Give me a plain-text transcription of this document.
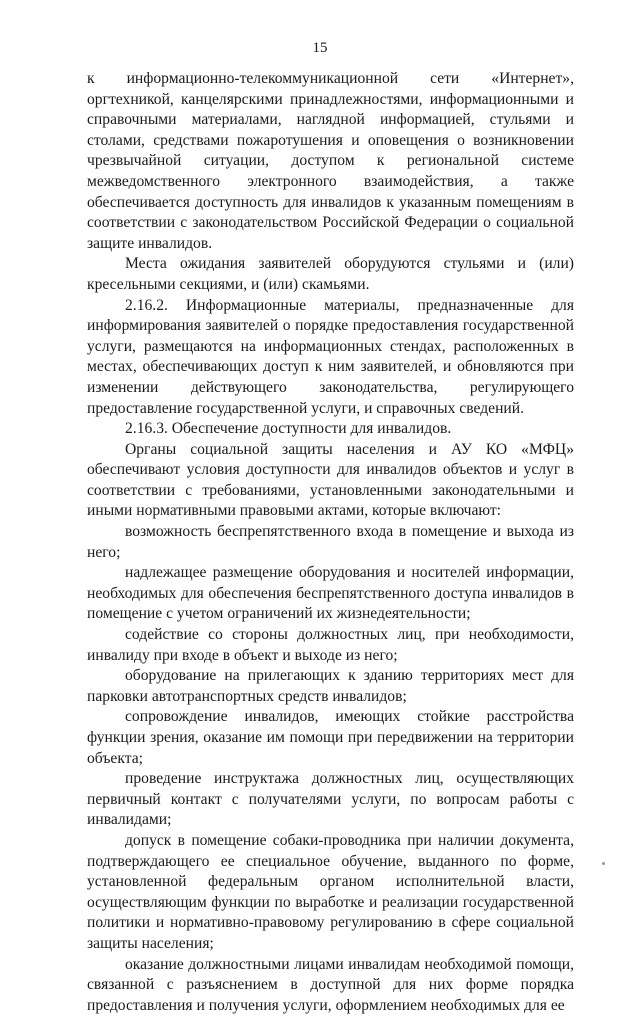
15

к информационно-телекоммуникационной сети «Интернет», оргтехникой, канцелярскими принадлежностями, информационными и справочными материалами, наглядной информацией, стульями и столами, средствами пожаротушения и оповещения о возникновении чрезвычайной ситуации, доступом к региональной системе межведомственного электронного взаимодействия, а также обеспечивается доступность для инвалидов к указанным помещениям в соответствии с законодательством Российской Федерации о социальной защите инвалидов.

Места ожидания заявителей оборудуются стульями и (или) кресельными секциями, и (или) скамьями.

2.16.2. Информационные материалы, предназначенные для информирования заявителей о порядке предоставления государственной услуги, размещаются на информационных стендах, расположенных в местах, обеспечивающих доступ к ним заявителей, и обновляются при изменении действующего законодательства, регулирующего предоставление государственной услуги, и справочных сведений.

2.16.3. Обеспечение доступности для инвалидов.

Органы социальной защиты населения и АУ КО «МФЦ» обеспечивают условия доступности для инвалидов объектов и услуг в соответствии с требованиями, установленными законодательными и иными нормативными правовыми актами, которые включают:

возможность беспрепятственного входа в помещение и выхода из него;

надлежащее размещение оборудования и носителей информации, необходимых для обеспечения беспрепятственного доступа инвалидов в помещение с учетом ограничений их жизнедеятельности;

содействие со стороны должностных лиц, при необходимости, инвалиду при входе в объект и выходе из него;

оборудование на прилегающих к зданию территориях мест для парковки автотранспортных средств инвалидов;

сопровождение инвалидов, имеющих стойкие расстройства функции зрения, оказание им помощи при передвижении на территории объекта;

проведение инструктажа должностных лиц, осуществляющих первичный контакт с получателями услуги, по вопросам работы с инвалидами;

допуск в помещение собаки-проводника при наличии документа, подтверждающего ее специальное обучение, выданного по форме, установленной федеральным органом исполнительной власти, осуществляющим функции по выработке и реализации государственной политики и нормативно-правовому регулированию в сфере социальной защиты населения;

оказание должностными лицами инвалидам необходимой помощи, связанной с разъяснением в доступной для них форме порядка предоставления и получения услуги, оформлением необходимых для ее
